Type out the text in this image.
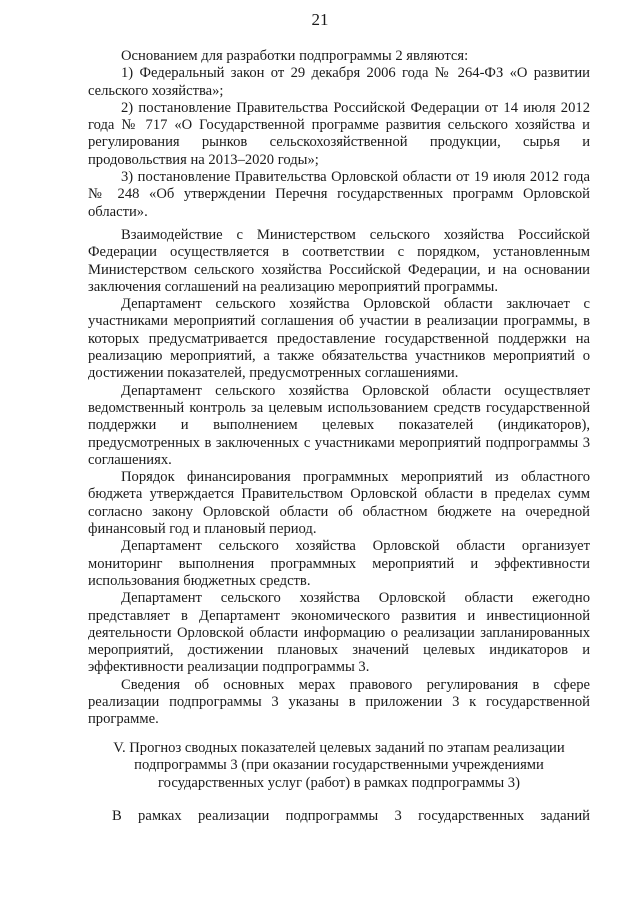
21

Основанием для разработки подпрограммы 2 являются:

1) Федеральный закон от 29 декабря 2006 года № 264-ФЗ «О развитии сельского хозяйства»;

2) постановление Правительства Российской Федерации от 14 июля 2012 года № 717 «О Государственной программе развития сельского хозяйства и регулирования рынков сельскохозяйственной продукции, сырья и продовольствия на 2013–2020 годы»;

3) постановление Правительства Орловской области от 19 июля 2012 года № 248 «Об утверждении Перечня государственных программ Орловской области».

Взаимодействие с Министерством сельского хозяйства Российской Федерации осуществляется в соответствии с порядком, установленным Министерством сельского хозяйства Российской Федерации, и на основании заключения соглашений на реализацию мероприятий программы.

Департамент сельского хозяйства Орловской области заключает с участниками мероприятий соглашения об участии в реализации программы, в которых предусматривается предоставление государственной поддержки на реализацию мероприятий, а также обязательства участников мероприятий о достижении показателей, предусмотренных соглашениями.

Департамент сельского хозяйства Орловской области осуществляет ведомственный контроль за целевым использованием средств государственной поддержки и выполнением целевых показателей (индикаторов), предусмотренных в заключенных с участниками мероприятий подпрограммы 3 соглашениях.

Порядок финансирования программных мероприятий из областного бюджета утверждается Правительством Орловской области в пределах сумм согласно закону Орловской области об областном бюджете на очередной финансовый год и плановый период.

Департамент сельского хозяйства Орловской области организует мониторинг выполнения программных мероприятий и эффективности использования бюджетных средств.

Департамент сельского хозяйства Орловской области ежегодно представляет в Департамент экономического развития и инвестиционной деятельности Орловской области информацию о реализации запланированных мероприятий, достижении плановых значений целевых индикаторов и эффективности реализации подпрограммы 3.

Сведения об основных мерах правового регулирования в сфере реализации подпрограммы 3 указаны в приложении 3 к государственной программе.

V. Прогноз сводных показателей целевых заданий по этапам реализации
подпрограммы 3 (при оказании государственными учреждениями
государственных услуг (работ) в рамках подпрограммы 3)
В рамках реализации подпрограммы 3 государственных заданий
